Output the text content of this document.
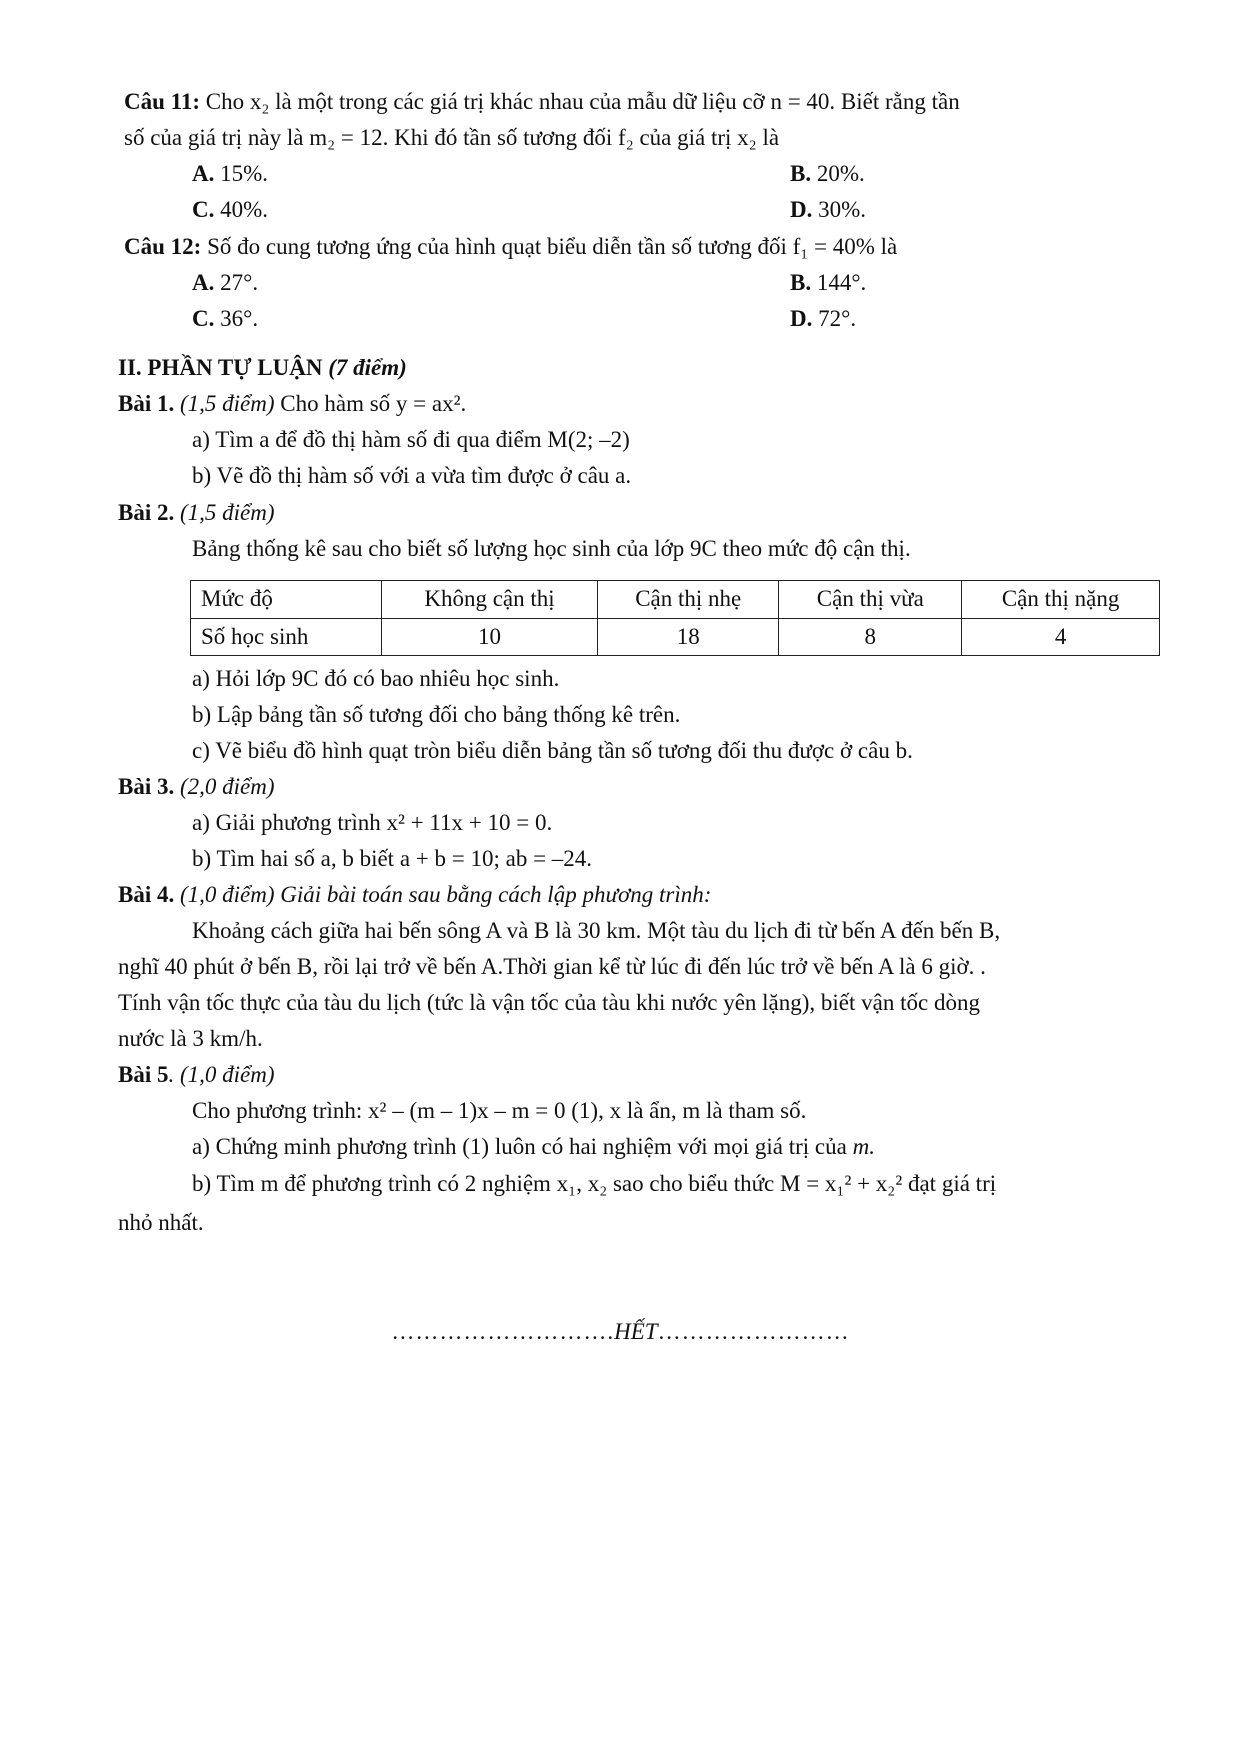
Câu 11: Cho x₂ là một trong các giá trị khác nhau của mẫu dữ liệu cỡ n = 40. Biết rằng tần
số của giá trị này là m₂ = 12. Khi đó tần số tương đối f₂ của giá trị x₂ là
A. 15%.	B. 20%.
C. 40%.	D. 30%.
Câu 12: Số đo cung tương ứng của hình quạt biểu diễn tần số tương đối f₁ = 40% là
A. 27°.	B. 144°.
C. 36°.	D. 72°.
II. PHẦN TỰ LUẬN (7 điểm)
Bài 1. (1,5 điểm) Cho hàm số y = ax².
a) Tìm a để đồ thị hàm số đi qua điểm M(2; –2)
b) Vẽ đồ thị hàm số với a vừa tìm được ở câu a.
Bài 2. (1,5 điểm)
Bảng thống kê sau cho biết số lượng học sinh của lớp 9C theo mức độ cận thị.
Mức độ	Không cận thị	Cận thị nhẹ	Cận thị vừa	Cận thị nặng
Số học sinh	10	18	8	4
a) Hỏi lớp 9C đó có bao nhiêu học sinh.
b) Lập bảng tần số tương đối cho bảng thống kê trên.
c) Vẽ biểu đồ hình quạt tròn biểu diễn bảng tần số tương đối thu được ở câu b.
Bài 3. (2,0 điểm)
a) Giải phương trình x² + 11x + 10 = 0.
b) Tìm hai số a, b biết a + b = 10; ab = –24.
Bài 4. (1,0 điểm) Giải bài toán sau bằng cách lập phương trình:
Khoảng cách giữa hai bến sông A và B là 30 km. Một tàu du lịch đi từ bến A đến bến B,
nghĩ 40 phút ở bến B, rồi lại trở về bến A.Thời gian kể từ lúc đi đến lúc trở về bến A là 6 giờ. .
Tính vận tốc thực của tàu du lịch (tức là vận tốc của tàu khi nước yên lặng), biết vận tốc dòng
nước là 3 km/h.
Bài 5. (1,0 điểm)
Cho phương trình: x² – (m – 1)x – m = 0 (1), x là ẩn, m là tham số.
a) Chứng minh phương trình (1) luôn có hai nghiệm với mọi giá trị của m.
b) Tìm m để phương trình có 2 nghiệm x₁, x₂ sao cho biểu thức M = x₁² + x₂² đạt giá trị
nhỏ nhất.
……………………….HẾT……………………
